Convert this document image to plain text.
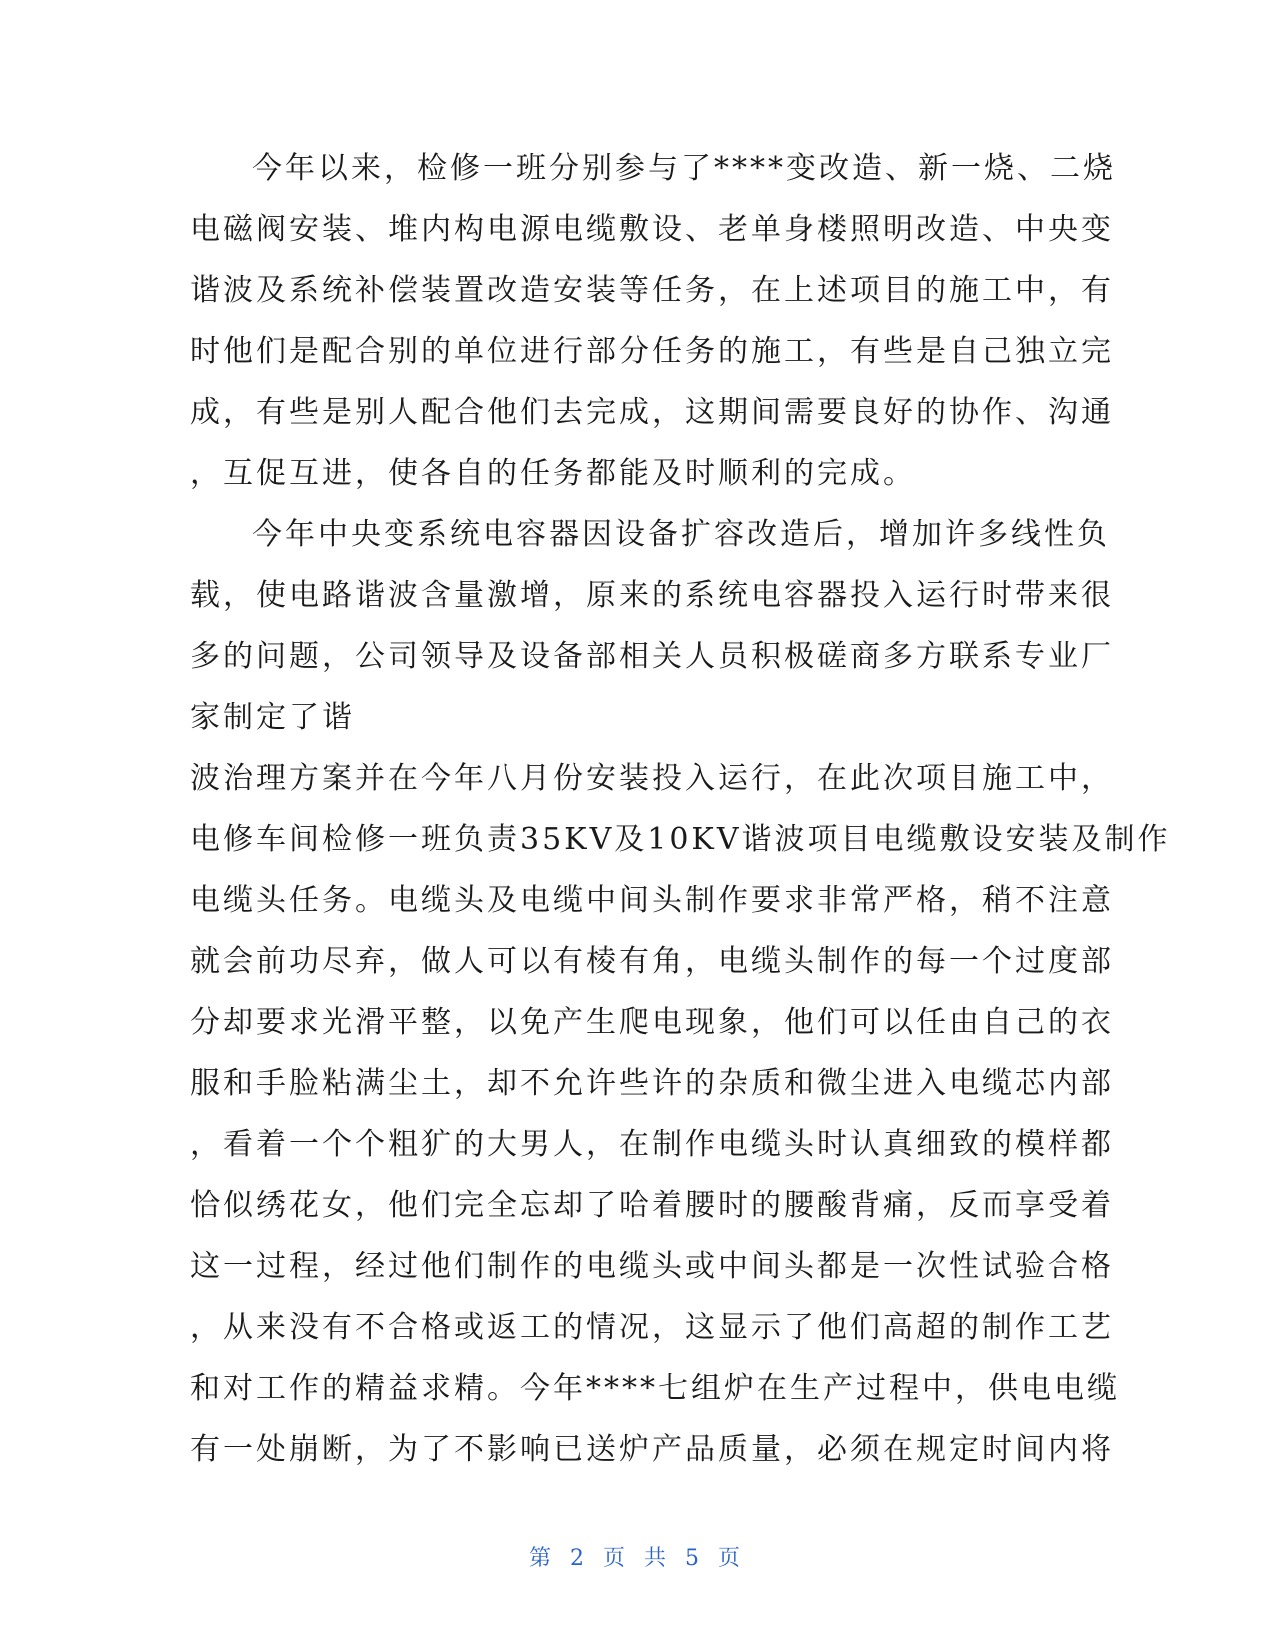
今年以来，检修一班分别参与了****变改造、新一烧、二烧
电磁阀安装、堆内构电源电缆敷设、老单身楼照明改造、中央变
谐波及系统补偿装置改造安装等任务，在上述项目的施工中，有
时他们是配合别的单位进行部分任务的施工，有些是自己独立完
成，有些是别人配合他们去完成，这期间需要良好的协作、沟通
，互促互进，使各自的任务都能及时顺利的完成。
今年中央变系统电容器因设备扩容改造后，增加许多线性负
载，使电路谐波含量激增，原来的系统电容器投入运行时带来很
多的问题，公司领导及设备部相关人员积极磋商多方联系专业厂
家制定了谐
波治理方案并在今年八月份安装投入运行，在此次项目施工中，
电修车间检修一班负责35KV及10KV谐波项目电缆敷设安装及制作
电缆头任务。电缆头及电缆中间头制作要求非常严格，稍不注意
就会前功尽弃，做人可以有棱有角，电缆头制作的每一个过度部
分却要求光滑平整，以免产生爬电现象，他们可以任由自己的衣
服和手脸粘满尘土，却不允许些许的杂质和微尘进入电缆芯内部
，看着一个个粗犷的大男人，在制作电缆头时认真细致的模样都
恰似绣花女，他们完全忘却了哈着腰时的腰酸背痛，反而享受着
这一过程，经过他们制作的电缆头或中间头都是一次性试验合格
，从来没有不合格或返工的情况，这显示了他们高超的制作工艺
和对工作的精益求精。今年****七组炉在生产过程中，供电电缆
有一处崩断，为了不影响已送炉产品质量，必须在规定时间内将
第 2 页 共 5 页
